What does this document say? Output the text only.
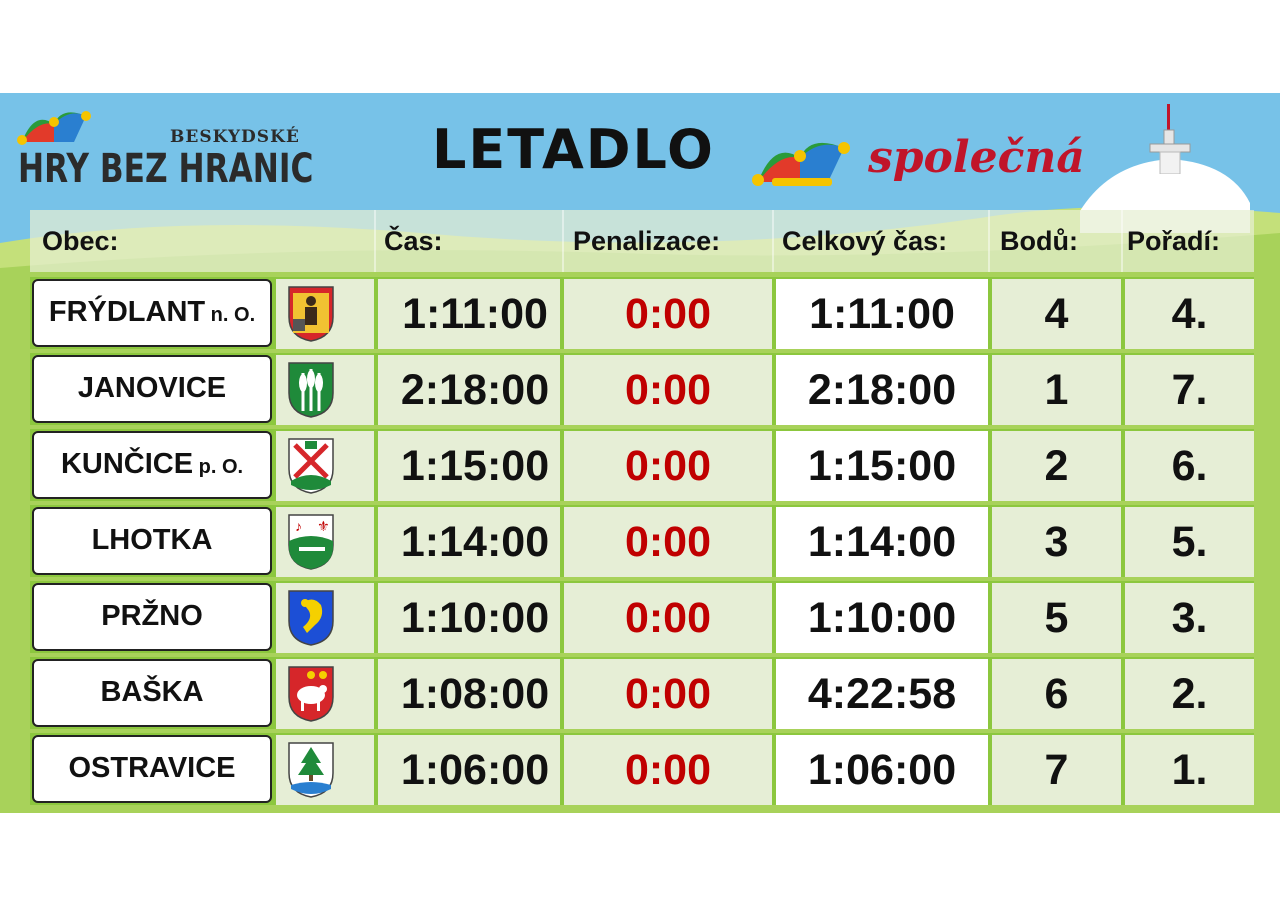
BESKYDSKÉ
HRY BEZ HRANIC LETADLO	společná
Obec:	Čas:	Penalizace: Celkový čas: Bodů: Pořadí:
FRÝDLANT n. O.	1:11:00	0:00	1:11:00	4	4.
JANOVICE	2:18:00	0:00	2:18:00	1	7.
KUNČICE p. O.	1:15:00	0:00	1:15:00	2	6.
LHOTKA	♪ ⚜	1:14:00	0:00	1:14:00	3	5.
PRŽNO	1:10:00	0:00	1:10:00	5	3.
BAŠKA	1:08:00	0:00	4:22:58	6	2.
OSTRAVICE	1:06:00	0:00	1:06:00	7	1.
